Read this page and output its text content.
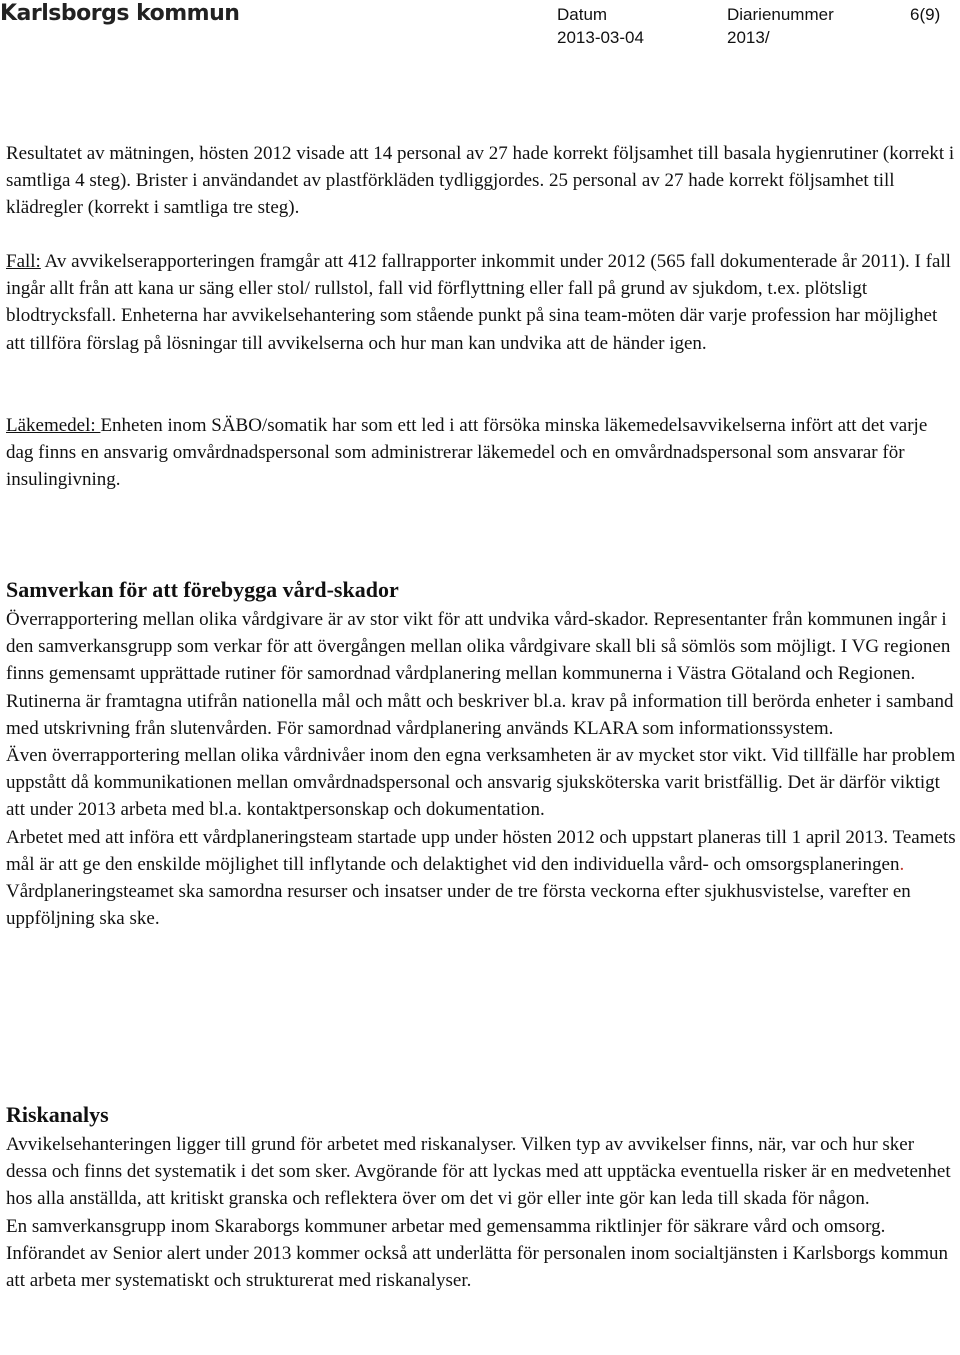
Karlsborgs kommun	Datum
2013-03-04
Diarienummer
2013/
6(9)

Resultatet av mätningen, hösten 2012 visade att 14 personal av 27 hade korrekt följsamhet till basala hygienrutiner (korrekt i samtliga 4 steg). Brister i användandet av plastförkläden tydliggjordes. 25 personal av 27 hade korrekt följsamhet till klädregler (korrekt i samtliga tre steg).

Fall: Av avvikelserapporteringen framgår att 412 fallrapporter inkommit under 2012 (565 fall dokumenterade år 2011). I fall ingår allt från att kana ur säng eller stol/ rullstol, fall vid förflyttning eller fall på grund av sjukdom, t.ex. plötsligt blodtrycksfall. Enheterna har avvikelsehantering som stående punkt på sina team-möten där varje profession har möjlighet att tillföra förslag på lösningar till avvikelserna och hur man kan undvika att de händer igen.

Läkemedel: Enheten inom SÄBO/somatik har som ett led i att försöka minska läkemedelsavvikelserna infört att det varje dag finns en ansvarig omvårdnadspersonal som administrerar läkemedel och en omvårdnadspersonal som ansvarar för insulingivning.

Samverkan för att förebygga vård-skador

Överrapportering mellan olika vårdgivare är av stor vikt för att undvika vård-skador. Representanter från kommunen ingår i den samverkansgrupp som verkar för att övergången mellan olika vårdgivare skall bli så sömlös som möjligt. I VG regionen finns gemensamt upprättade rutiner för samordnad vårdplanering mellan kommunerna i Västra Götaland och Regionen. Rutinerna är framtagna utifrån nationella mål och mått och beskriver bl.a. krav på information till berörda enheter i samband med utskrivning från slutenvården. För samordnad vårdplanering används KLARA som informationssystem.

Även överrapportering mellan olika vårdnivåer inom den egna verksamheten är av mycket stor vikt. Vid tillfälle har problem uppstått då kommunikationen mellan omvårdnadspersonal och ansvarig sjuksköterska varit bristfällig. Det är därför viktigt att under 2013 arbeta med bl.a. kontaktpersonskap och dokumentation.

Arbetet med att införa ett vårdplaneringsteam startade upp under hösten 2012 och uppstart planeras till 1 april 2013. Teamets mål är att ge den enskilde möjlighet till inflytande och delaktighet vid den individuella vård- och omsorgsplaneringen. Vårdplaneringsteamet ska samordna resurser och insatser under de tre första veckorna efter sjukhusvistelse, varefter en uppföljning ska ske.

Riskanalys

Avvikelsehanteringen ligger till grund för arbetet med riskanalyser. Vilken typ av avvikelser finns, när, var och hur sker dessa och finns det systematik i det som sker. Avgörande för att lyckas med att upptäcka eventuella risker är en medvetenhet hos alla anställda, att kritiskt granska och reflektera över om det vi gör eller inte gör kan leda till skada för någon.

En samverkansgrupp inom Skaraborgs kommuner arbetar med gemensamma riktlinjer för säkrare vård och omsorg. Införandet av Senior alert under 2013 kommer också att underlätta för personalen inom socialtjänsten i Karlsborgs kommun att arbeta mer systematiskt och strukturerat med riskanalyser.
